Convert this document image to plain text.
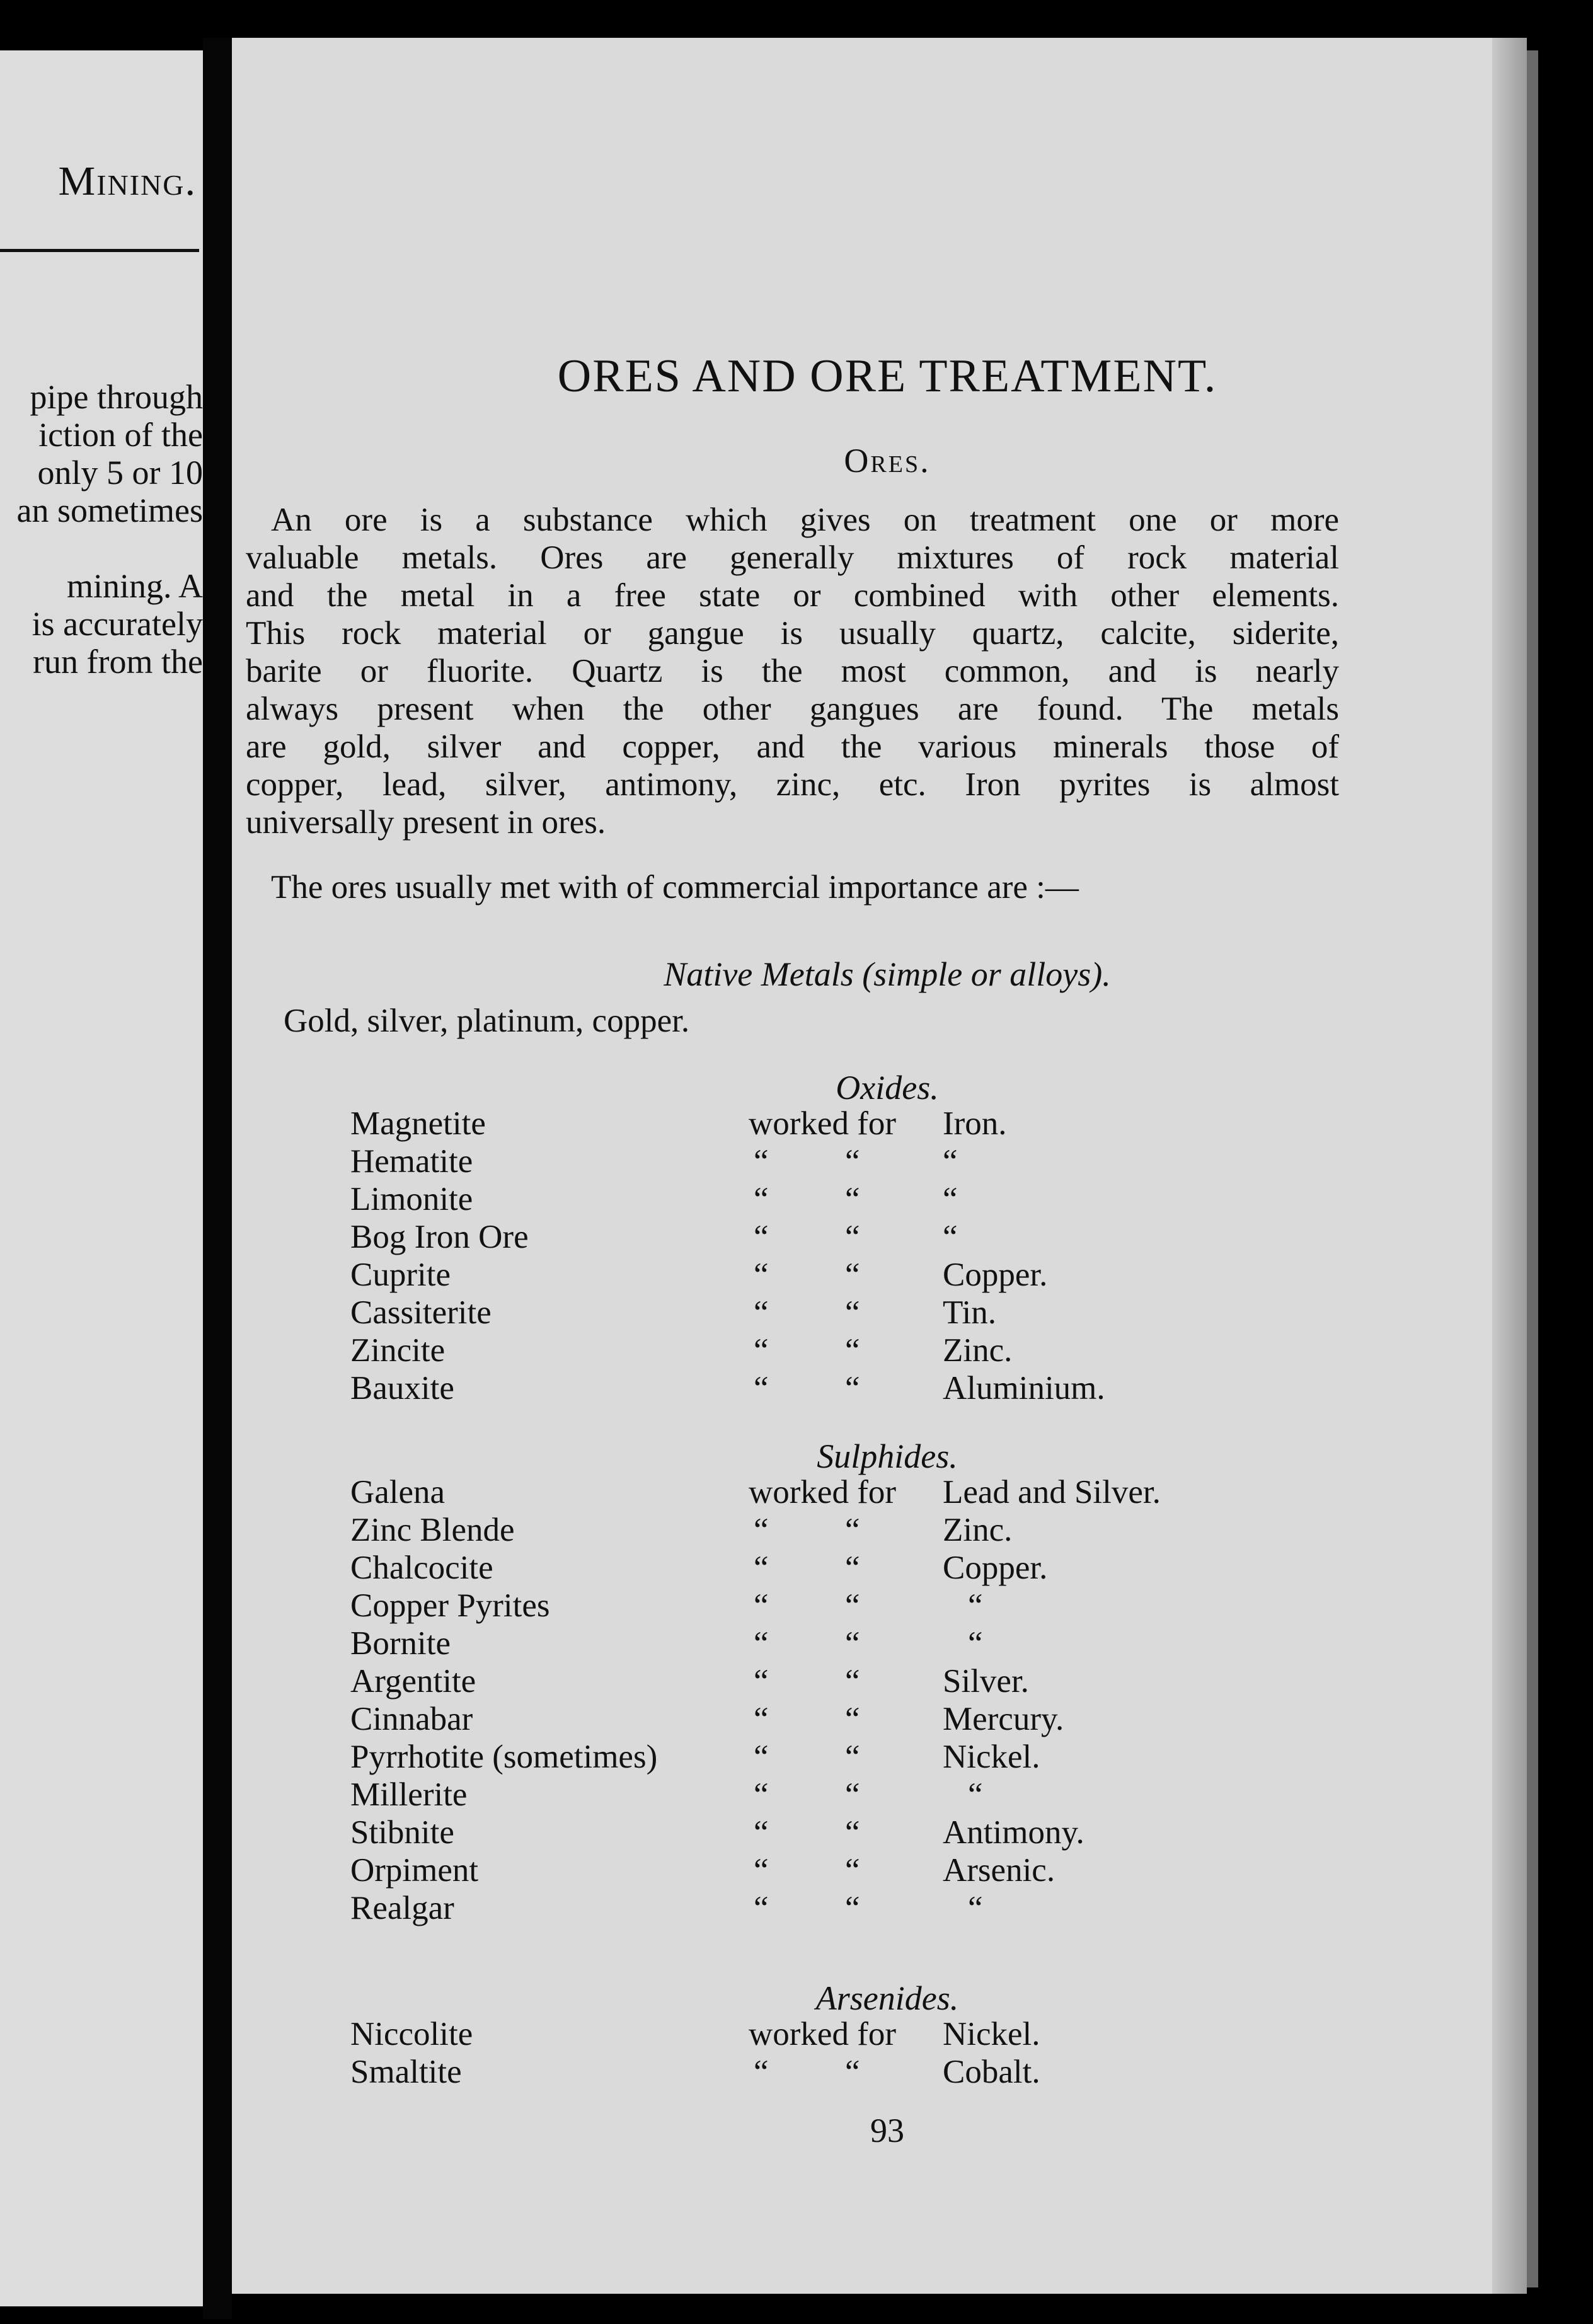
Mining.
pipe through
iction of the
only 5 or 10
an sometimes
mining. A
is accurately
run from the
ORES AND ORE TREATMENT.
Ores.
An ore is a substance which gives on treatment one or more
valuable metals. Ores are generally mixtures of rock material
and the metal in a free state or combined with other elements.
This rock material or gangue is usually quartz, calcite, siderite,
barite or fluorite. Quartz is the most common, and is nearly
always present when the other gangues are found. The metals
are gold, silver and copper, and the various minerals those of
copper, lead, silver, antimony, zinc, etc. Iron pyrites is almost
universally present in ores.
The ores usually met with of commercial importance are :—
Native Metals (simple or alloys).
Gold, silver, platinum, copper.
Oxides.
Magnetite	worked for Iron.
Hematite	“	“	“
Limonite	“	“	“
Bog Iron Ore	“	“	“
Cuprite	“	“	Copper.
Cassiterite	“	“	Tin.
Zincite	“	“	Zinc.
Bauxite	“	“	Aluminium.
Sulphides.
Galena	worked for Lead and Silver.
Zinc Blende	“	“	Zinc.
Chalcocite	“	“	Copper.
Copper Pyrites	“	“	“
Bornite	“	“	“
Argentite	“	“	Silver.
Cinnabar	“	“	Mercury.
Pyrrhotite (sometimes)	“	“	Nickel.
Millerite	“	“	“
Stibnite	“	“	Antimony.
Orpiment	“	“	Arsenic.
Realgar	“	“	“
Arsenides.
Niccolite	worked for Nickel.
Smaltite	“	“	Cobalt.
93
